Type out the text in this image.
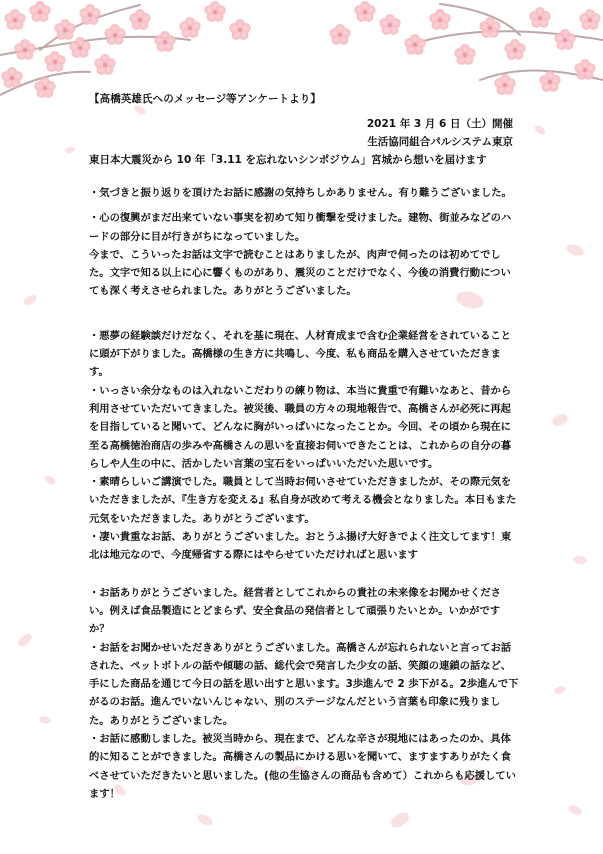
【高橋英雄氏へのメッセージ等アンケートより】
2021 年 3 月 6 日（土）開催
生活協同組合パルシステム東京
東日本大震災から 10 年「3.11 を忘れないシンポジウム」宮城から想いを届けます

・気づきと振り返りを頂けたお話に感謝の気持ちしかありません。有り難うございました。

・心の復興がまだ出来ていない事実を初めて知り衝撃を受けました。建物、街並みなどのハードの部分に目が行きがちになっていました。
今まで、こういったお話は文字で読むことはありましたが、肉声で伺ったのは初めてでした。文字で知る以上に心に響くものがあり、震災のことだけでなく、今後の消費行動についても深く考えさせられました。ありがとうございました。

・悪夢の経験談だけだなく、それを基に現在、人材育成まで含む企業経営をされていることに頭が下がりました。高橋様の生き方に共鳴し、今度、私も商品を購入させていただきます。

・いっさい余分なものは入れないこだわりの練り物は、本当に貴重で有難いなあと、昔から利用させていただいてきました。被災後、職員の方々の現地報告で、高橋さんが必死に再起を目指していると聞いて、どんなに胸がいっぱいになったことか。今回、その頃から現在に至る高橋徳治商店の歩みや高橋さんの思いを直接お伺いできたことは、これからの自分の暮らしや人生の中に、活かしたい言葉の宝石をいっぱいいただいた思いです。

・素晴らしいご講演でした。職員として当時お伺いさせていただきましたが、その際元気をいただきましたが、『生き方を変える』私自身が改めて考える機会となりました。本日もまた元気をいただきました。ありがとうございます。

・凄い貴重なお話、ありがとうございました。おとうふ揚げ大好きでよく注文してます！東北は地元なので、今度帰省する際にはやらせていただければと思います

・お話ありがとうございました。経営者としてこれからの貴社の未来像をお聞かせください。例えば食品製造にとどまらず、安全食品の発信者として頑張りたいとか。いかがですか？

・お話をお聞かせいただきありがとうございました。高橋さんが忘れられないと言ってお話された、ペットボトルの話や傾聴の話、総代会で発言した少女の話、笑顔の連鎖の話など、手にした商品を通じて今日の話を思い出すと思います。3歩進んで 2 歩下がる。2歩進んで下がるのお話。進んでいないんじゃない、別のステージなんだという言葉も印象に残りました。ありがとうございました。

・お話に感動しました。被災当時から、現在まで、どんな辛さが現地にはあったのか、具体的に知ることができました。高橋さんの製品にかける思いを聞いて、ますますありがたく食べさせていただきたいと思いました。(他の生協さんの商品も含めて）これからも応援しています！
